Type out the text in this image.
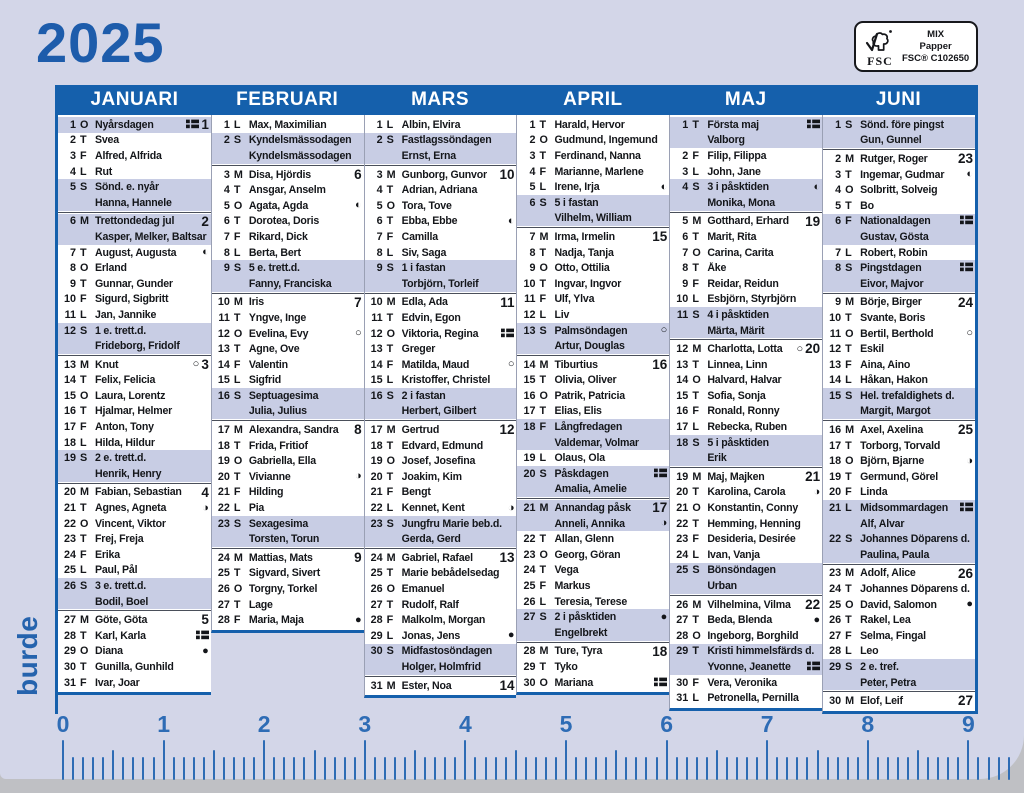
2025	FSC
MIX
Papper
FSC® C102650
JANUARI
1 O Nyårsdagen	1
2 T Svea
3 F Alfred, Alfrida
4 L Rut
5 S Sönd. e. nyår
Hanna, Hannele
6 M Trettondedag jul	2
Kasper, Melker, Baltsar
7 T August, Augusta	◐
8 O Erland
9 T Gunnar, Gunder
10 F Sigurd, Sigbritt
11 L Jan, Jannike
12 S 1 e. trett.d.
Frideborg, Fridolf
13 M Knut	○ 3
14 T Felix, Felicia
15 O Laura, Lorentz
16 T Hjalmar, Helmer
17 F Anton, Tony
18 L Hilda, Hildur
19 S 2 e. trett.d.
Henrik, Henry
20 M Fabian, Sebastian	4
21 T Agnes, Agneta	◑
22 O Vincent, Viktor
23 T Frej, Freja
24 F Erika
25 L Paul, Pål
26 S 3 e. trett.d.
Bodil, Boel
27 M Göte, Göta	5
28 T Karl, Karla
29 O Diana	●
30 T Gunilla, Gunhild
31 F Ivar, Joar
FEBRUARI
1 L Max, Maximilian
2 S Kyndelsmässodagen
Kyndelsmässodagen
3 M Disa, Hjördis	6
4 T Ansgar, Anselm
5 O Agata, Agda	◐
6 T Dorotea, Doris
7 F Rikard, Dick
8 L Berta, Bert
9 S 5 e. trett.d.
Fanny, Franciska
10 M Iris	7
11 T Yngve, Inge
12 O Evelina, Evy	○
13 T Agne, Ove
14 F Valentin
15 L Sigfrid
16 S Septuagesima
Julia, Julius
17 M Alexandra, Sandra	8
18 T Frida, Fritiof
19 O Gabriella, Ella
20 T Vivianne	◑
21 F Hilding
22 L Pia
23 S Sexagesima
Torsten, Torun
24 M Mattias, Mats	9
25 T Sigvard, Sivert
26 O Torgny, Torkel
27 T Lage
28 F Maria, Maja	●
MARS
1 L Albin, Elvira
2 S Fastlagssöndagen
Ernst, Erna
3 M Gunborg, Gunvor 10
4 T Adrian, Adriana
5 O Tora, Tove
6 T Ebba, Ebbe	◐
7 F Camilla
8 L Siv, Saga
9 S 1 i fastan
Torbjörn, Torleif
10 M Edla, Ada	11
11 T Edvin, Egon
12 O Viktoria, Regina
13 T Greger
14 F Matilda, Maud	○
15 L Kristoffer, Christel
16 S 2 i fastan
Herbert, Gilbert
17 M Gertrud	12
18 T Edvard, Edmund
19 O Josef, Josefina
20 T Joakim, Kim
21 F Bengt
22 L Kennet, Kent	◑
23 S Jungfru Marie beb.d.
Gerda, Gerd
24 M Gabriel, Rafael	13
25 T Marie bebådelsedag
26 O Emanuel
27 T Rudolf, Ralf
28 F Malkolm, Morgan
29 L Jonas, Jens	●
30 S Midfastosöndagen
Holger, Holmfrid
31 M Ester, Noa	14
APRIL
1 T Harald, Hervor
2 O Gudmund, Ingemund
3 T Ferdinand, Nanna
4 F Marianne, Marlene
5 L Irene, Irja	◐
6 S 5 i fastan
Vilhelm, William
7 M Irma, Irmelin	15
8 T Nadja, Tanja
9 O Otto, Ottilia
10 T Ingvar, Ingvor
11 F Ulf, Ylva
12 L Liv
13 S Palmsöndagen	○
Artur, Douglas
14 M Tiburtius	16
15 T Olivia, Oliver
16 O Patrik, Patricia
17 T Elias, Elis
18 F Långfredagen
Valdemar, Volmar
19 L Olaus, Ola
20 S Påskdagen
Amalia, Amelie
21 M Annandag påsk	17
Anneli, Annika	◑
22 T Allan, Glenn
23 O Georg, Göran
24 T Vega
25 F Markus
26 L Teresia, Terese
27 S 2 i påsktiden	●
Engelbrekt
28 M Ture, Tyra	18
29 T Tyko
30 O Mariana
MAJ
1 T Första maj
Valborg
2 F Filip, Filippa
3 L John, Jane
4 S 3 i påsktiden	◐
Monika, Mona
5 M Gotthard, Erhard	19
6 T Marit, Rita
7 O Carina, Carita
8 T Åke
9 F Reidar, Reidun
10 L Esbjörn, Styrbjörn
11 S 4 i påsktiden
Märta, Märit
12 M Charlotta, Lotta	○ 20
13 T Linnea, Linn
14 O Halvard, Halvar
15 T Sofia, Sonja
16 F Ronald, Ronny
17 L Rebecka, Ruben
18 S 5 i påsktiden
Erik
19 M Maj, Majken	21
20 T Karolina, Carola	◑
21 O Konstantin, Conny
22 T Hemming, Henning
23 F Desideria, Desirée
24 L Ivan, Vanja
25 S Bönsöndagen
Urban
26 M Vilhelmina, Vilma	22
27 T Beda, Blenda	●
28 O Ingeborg, Borghild
29 T Kristi himmelsfärds d.
Yvonne, Jeanette
30 F Vera, Veronika
31 L Petronella, Pernilla
JUNI
1 S Sönd. före pingst
Gun, Gunnel
2 M Rutger, Roger	23
3 T Ingemar, Gudmar	◐
4 O Solbritt, Solveig
5 T Bo
6 F Nationaldagen
Gustav, Gösta
7 L Robert, Robin
8 S Pingstdagen
Eivor, Majvor
9 M Börje, Birger	24
10 T Svante, Boris
11 O Bertil, Berthold	○
12 T Eskil
13 F Aina, Aino
14 L Håkan, Hakon
15 S Hel. trefaldighets d.
Margit, Margot
16 M Axel, Axelina	25
17 T Torborg, Torvald
18 O Björn, Bjarne	◑
19 T Germund, Görel
20 F Linda
21 L Midsommardagen
Alf, Alvar
22 S Johannes Döparens d.
Paulina, Paula
23 M Adolf, Alice	26
24 T Johannes Döparens d.
25 O David, Salomon	●
26 T Rakel, Lea
27 F Selma, Fingal
28 L Leo
29 S 2 e. tref.
Peter, Petra
30 M Elof, Leif	27
burde
0	1	2	3	4	5	6	7	8	9
